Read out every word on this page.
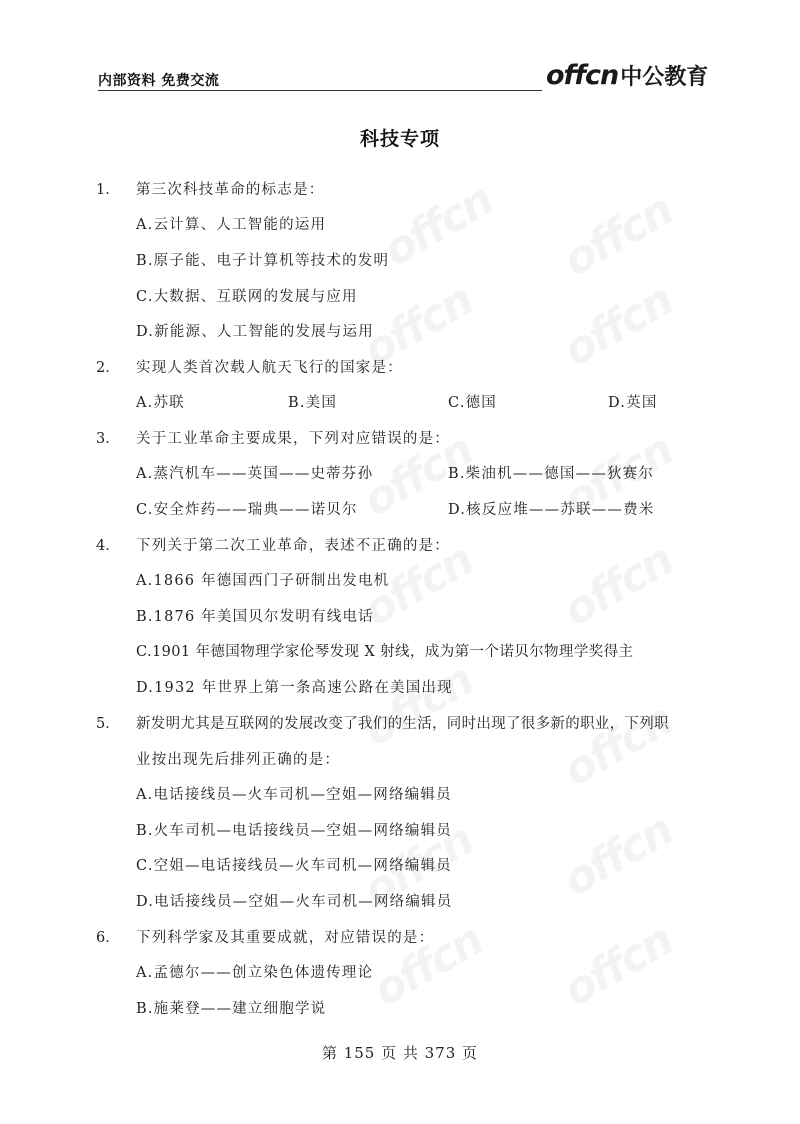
内部资料 免费交流	offcn中公教育
科技专项
1． 第三次科技革命的标志是：
A.云计算、人工智能的运用
B.原子能、电子计算机等技术的发明
C.大数据、互联网的发展与应用
D.新能源、人工智能的发展与运用
2． 实现人类首次载人航天飞行的国家是：
A.苏联	B.美国	C.德国	D.英国
3． 关于工业革命主要成果，下列对应错误的是：
A.蒸汽机车——英国——史蒂芬孙	B.柴油机——德国——狄赛尔
C.安全炸药——瑞典——诺贝尔	D.核反应堆——苏联——费米
4． 下列关于第二次工业革命，表述不正确的是：
A.1866 年德国西门子研制出发电机
B.1876 年美国贝尔发明有线电话
C.1901 年德国物理学家伦琴发现 X 射线，成为第一个诺贝尔物理学奖得主
D.1932 年世界上第一条高速公路在美国出现
5． 新发明尤其是互联网的发展改变了我们的生活，同时出现了很多新的职业，下列职
业按出现先后排列正确的是：
A.电话接线员—火车司机—空姐—网络编辑员
B.火车司机—电话接线员—空姐—网络编辑员
C.空姐—电话接线员—火车司机—网络编辑员
D.电话接线员—空姐—火车司机—网络编辑员
6． 下列科学家及其重要成就，对应错误的是：
A.孟德尔——创立染色体遗传理论
B.施莱登——建立细胞学说
第 155 页 共 373 页
